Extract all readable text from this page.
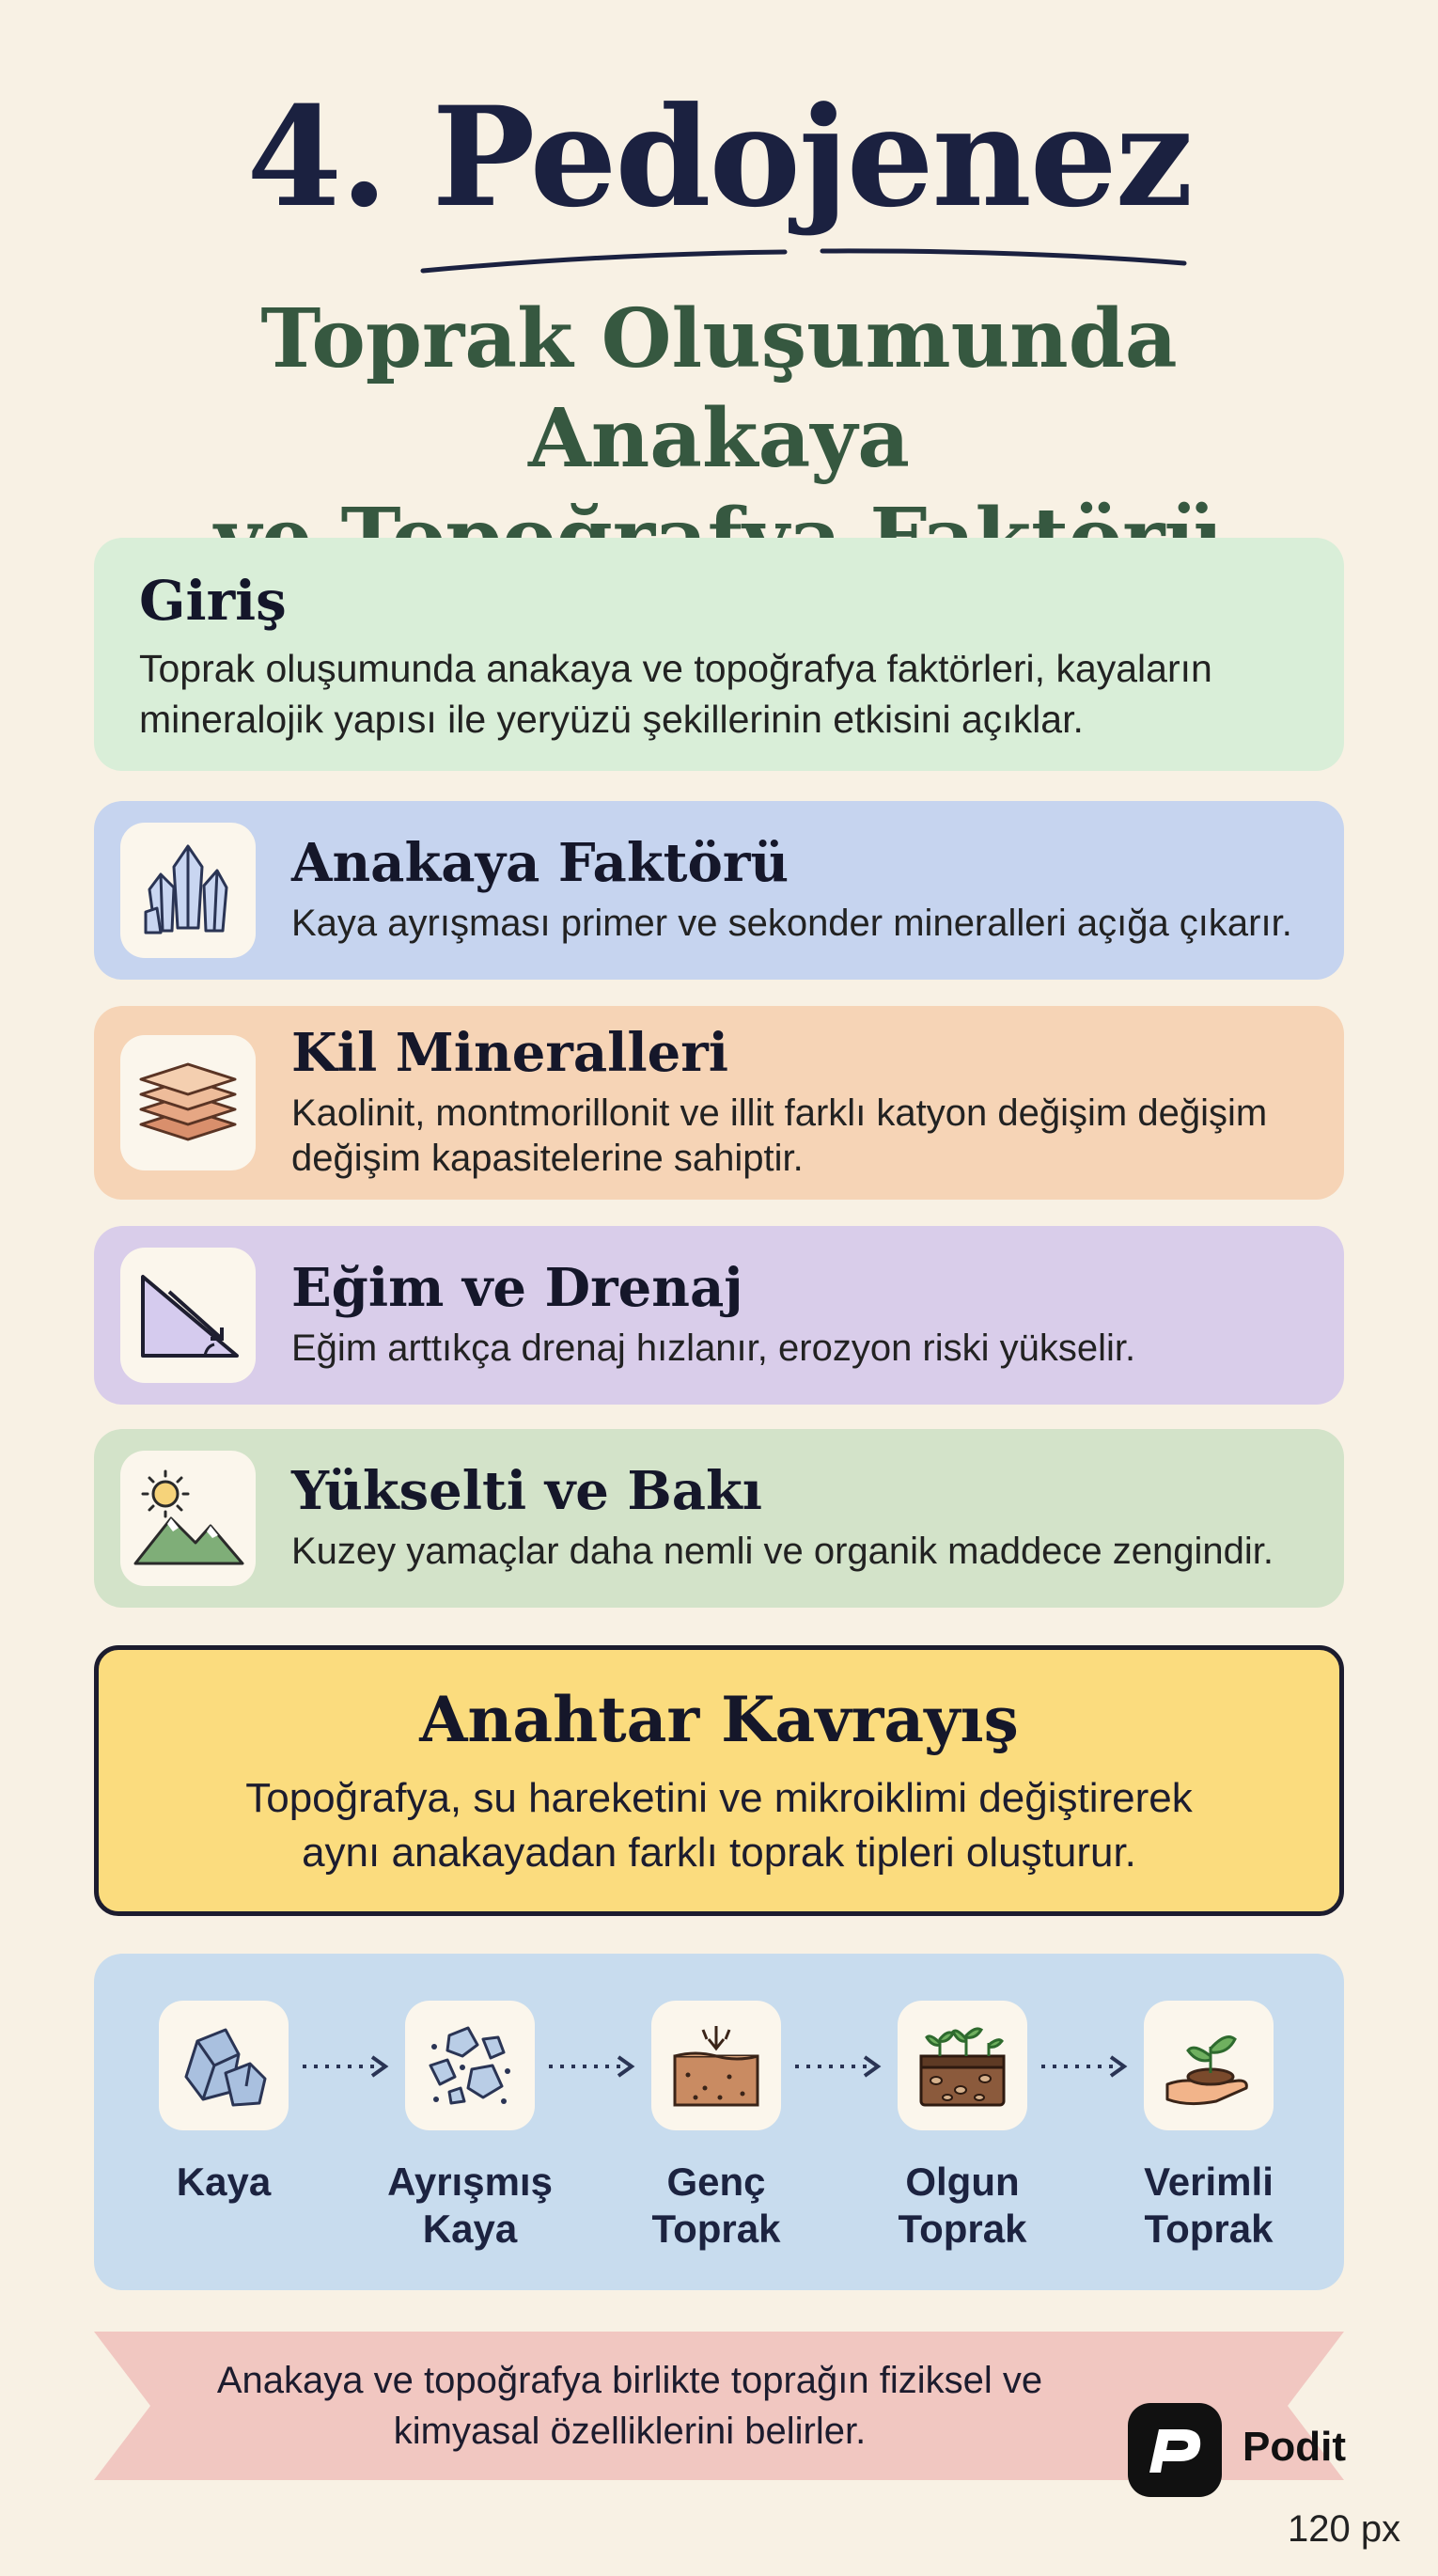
4. Pedojenez
Toprak Oluşumunda Anakaya
Giriş

Toprak oluşumunda anakaya ve topoğrafya faktörleri, kayaların mineralojik yapısı ile yeryüzü şekillerinin etkisini açıklar.

Anakaya Faktörü

Kaya ayrışması primer ve sekonder mineralleri açığa çıkarır.

Kil Mineralleri

Kaolinit, montmorillonit ve illit farklı katyon değişim değişim değişim kapasitelerine sahiptir.

Eğim ve Drenaj

Eğim arttıkça drenaj hızlanır, erozyon riski yükselir.

Yükselti ve Bakı

Kuzey yamaçlar daha nemli ve organik maddece zengindir.

Anahtar Kavrayış

Topoğrafya, su hareketini ve mikroiklimi değiştirerek
aynı anakayadan farklı toprak tipleri oluşturur.

Kaya	Ayrışmış
Kaya
Genç
Toprak
Olgun
Toprak
Verimli
Toprak
Anakaya ve topoğrafya birlikte toprağın fiziksel ve
kimyasal özelliklerini belirler.	Podit
120 px
